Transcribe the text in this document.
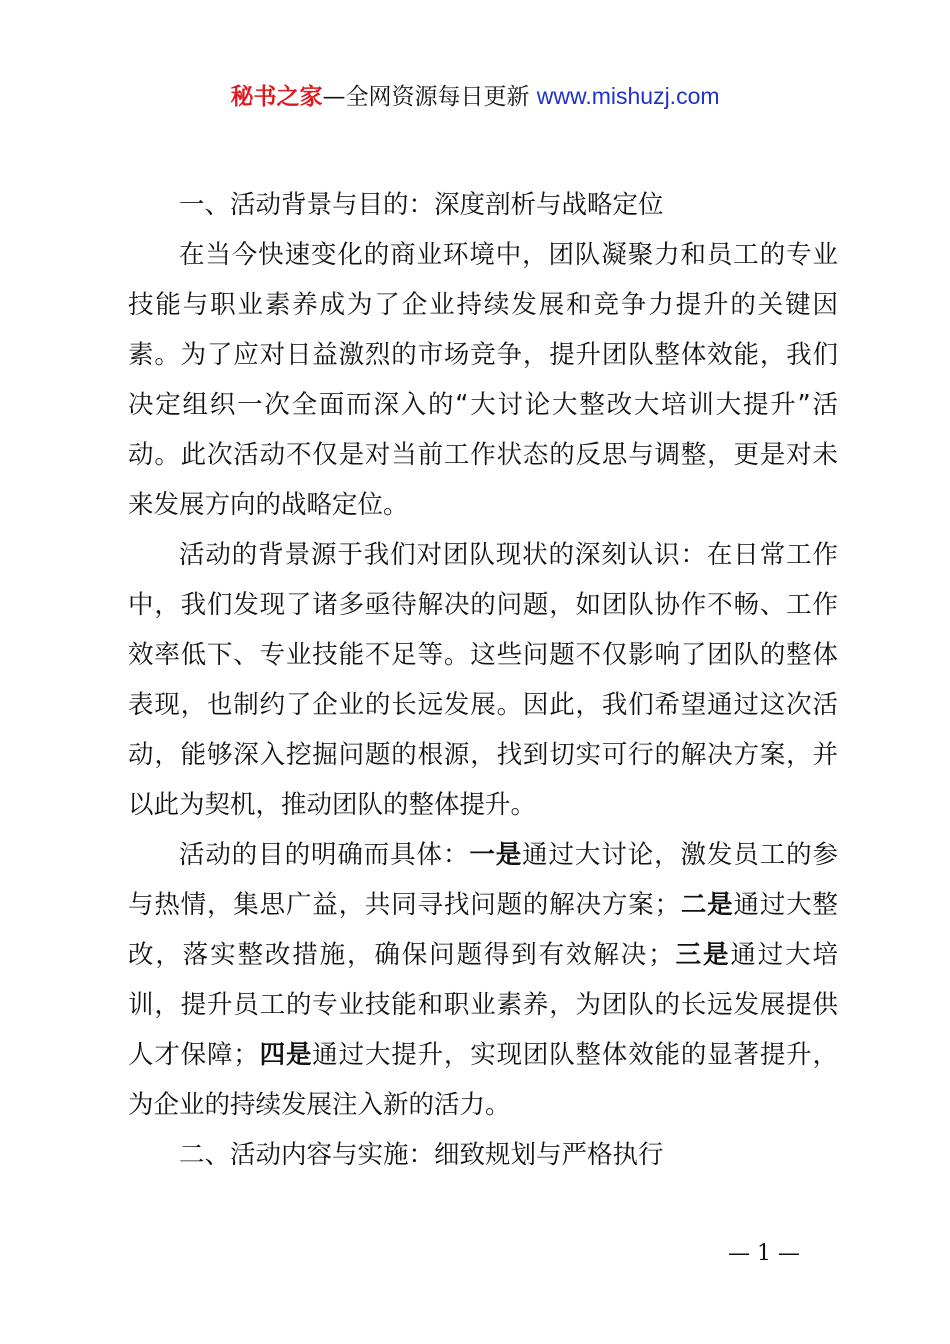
秘书之家—全网资源每日更新 www.mishuzj.com
一、活动背景与目的：深度剖析与战略定位

在当今快速变化的商业环境中，团队凝聚力和员工的专业技能与职业素养成为了企业持续发展和竞争力提升的关键因素。为了应对日益激烈的市场竞争，提升团队整体效能，我们决定组织一次全面而深入的“大讨论大整改大培训大提升”活动。此次活动不仅是对当前工作状态的反思与调整，更是对未来发展方向的战略定位。

活动的背景源于我们对团队现状的深刻认识：在日常工作中，我们发现了诸多亟待解决的问题，如团队协作不畅、工作效率低下、专业技能不足等。这些问题不仅影响了团队的整体表现，也制约了企业的长远发展。因此，我们希望通过这次活动，能够深入挖掘问题的根源，找到切实可行的解决方案，并以此为契机，推动团队的整体提升。

活动的目的明确而具体：一是通过大讨论，激发员工的参与热情，集思广益，共同寻找问题的解决方案；二是通过大整改，落实整改措施，确保问题得到有效解决；三是通过大培训，提升员工的专业技能和职业素养，为团队的长远发展提供人才保障；四是通过大提升，实现团队整体效能的显著提升，为企业的持续发展注入新的活力。

二、活动内容与实施：细致规划与严格执行
— 1 —
